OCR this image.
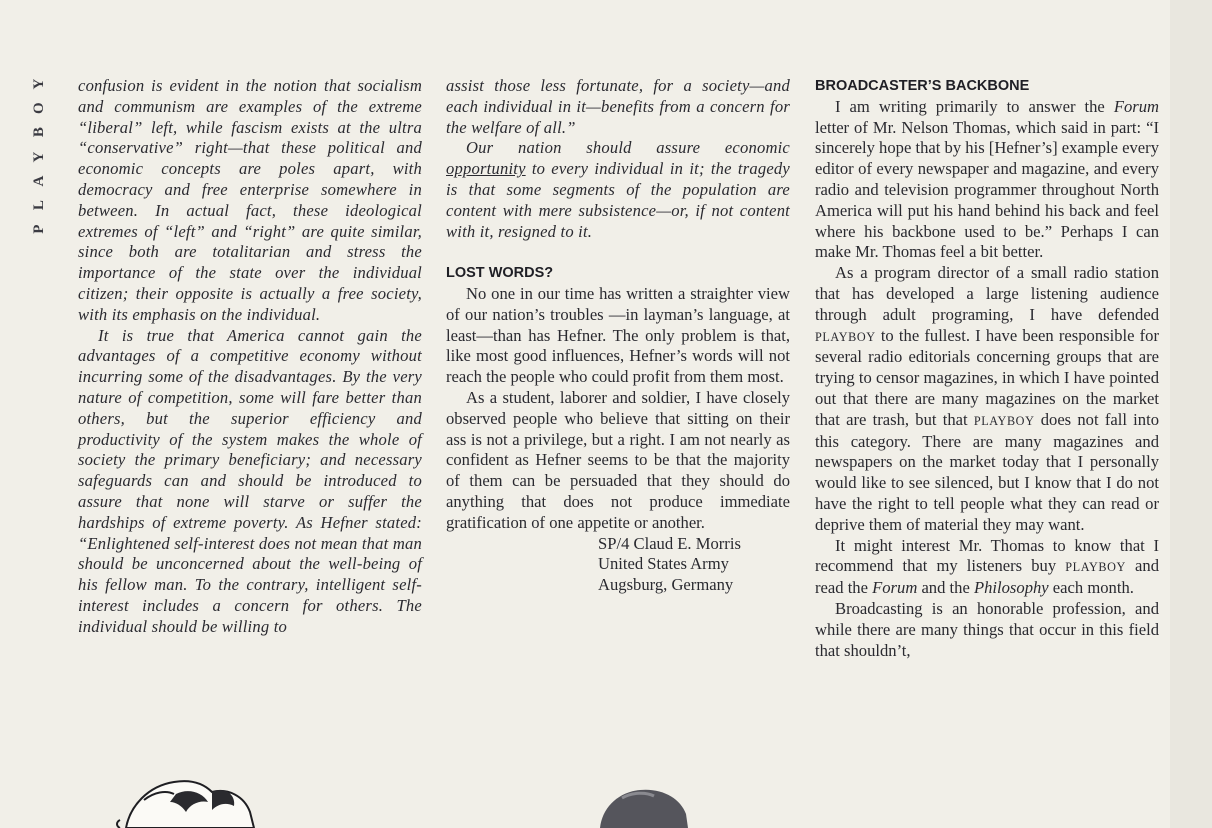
Y
O
B
Y
A
L
P

confusion is evident in the notion that socialism and communism are examples of the extreme “liberal” left, while fascism exists at the ultra “conservative” right—that these political and economic concepts are poles apart, with democracy and free enterprise somewhere in between. In actual fact, these ideological extremes of “left” and “right” are quite similar, since both are totalitarian and stress the importance of the state over the individual citizen; their opposite is actually a free society, with its emphasis on the individual.

It is true that America cannot gain the advantages of a competitive economy without incurring some of the disadvantages. By the very nature of competition, some will fare better than others, but the superior efficiency and productivity of the system makes the whole of society the primary beneficiary; and necessary safeguards can and should be introduced to assure that none will starve or suffer the hardships of extreme poverty. As Hefner stated: “Enlightened self-interest does not mean that man should be unconcerned about the well-being of his fellow man. To the contrary, intelligent self-interest includes a concern for others. The individual should be willing to

assist those less fortunate, for a society—and each individual in it—benefits from a concern for the welfare of all.”

Our nation should assure economic opportunity to every individual in it; the tragedy is that some segments of the population are content with mere subsistence—or, if not content with it, resigned to it.

LOST WORDS?

No one in our time has written a straighter view of our nation’s troubles —in layman’s language, at least—than has Hefner. The only problem is that, like most good influences, Hefner’s words will not reach the people who could profit from them most.

As a student, laborer and soldier, I have closely observed people who believe that sitting on their ass is not a privilege, but a right. I am not nearly as confident as Hefner seems to be that the majority of them can be persuaded that they should do anything that does not produce immediate gratification of one appetite or another.

SP/4 Claud E. Morris
United States Army
Augsburg, Germany

BROADCASTER’S BACKBONE

I am writing primarily to answer the Forum letter of Mr. Nelson Thomas, which said in part: “I sincerely hope that by his [Hefner’s] example every editor of every newspaper and magazine, and every radio and television programmer throughout North America will put his hand behind his back and feel where his backbone used to be.” Perhaps I can make Mr. Thomas feel a bit better.

As a program director of a small radio station that has developed a large listening audience through adult programing, I have defended PLAYBOY to the fullest. I have been responsible for several radio editorials concerning groups that are trying to censor magazines, in which I have pointed out that there are many magazines on the market that are trash, but that PLAYBOY does not fall into this category. There are many magazines and newspapers on the market today that I personally would like to see silenced, but I know that I do not have the right to tell people what they can read or deprive them of material they may want.

It might interest Mr. Thomas to know that I recommend that my listeners buy PLAYBOY and read the Forum and the Philosophy each month.

Broadcasting is an honorable profession, and while there are many things that occur in this field that shouldn’t,
